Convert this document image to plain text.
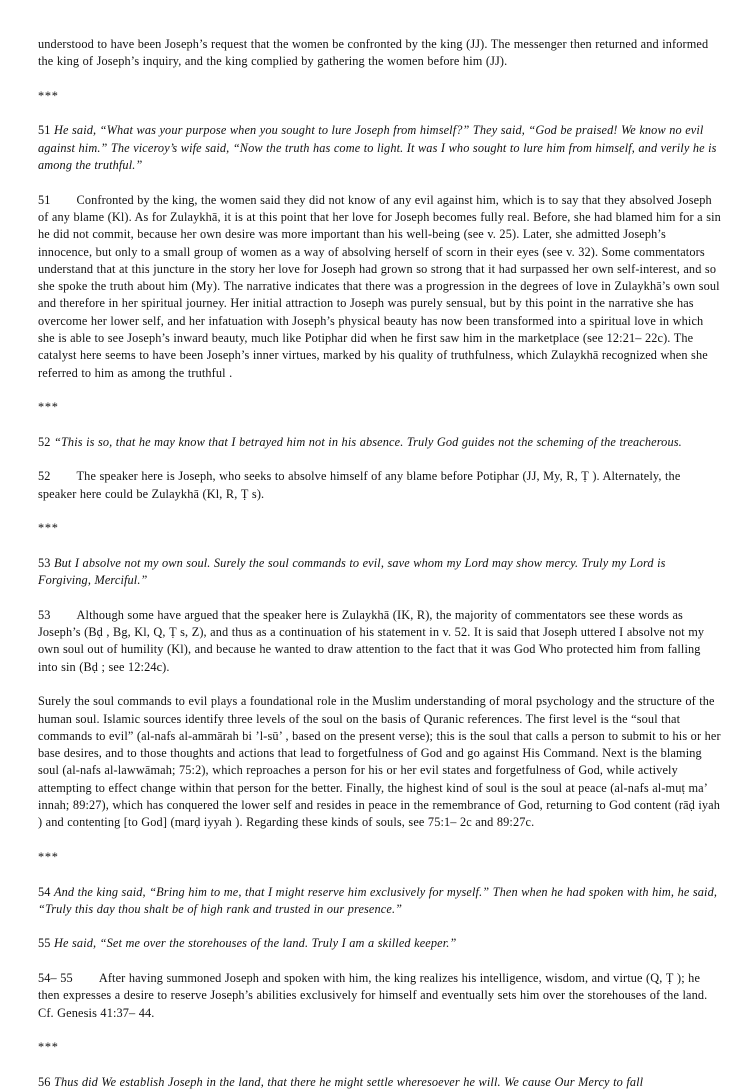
understood to have been Joseph’s request that the women be confronted by the king (JJ). The messenger then returned and informed the king of Joseph’s inquiry, and the king complied by gathering the women before him (JJ).

***

51 He said, “What was your purpose when you sought to lure Joseph from himself?” They said, “God be praised! We know no evil against him.” The viceroy’s wife said, “Now the truth has come to light. It was I who sought to lure him from himself, and verily he is among the truthful.”

51 Confronted by the king, the women said they did not know of any evil against him, which is to say that they absolved Joseph of any blame (Kl). As for Zulaykhā, it is at this point that her love for Joseph becomes fully real. Before, she had blamed him for a sin he did not commit, because her own desire was more important than his well-being (see v. 25). Later, she admitted Joseph’s innocence, but only to a small group of women as a way of absolving herself of scorn in their eyes (see v. 32). Some commentators understand that at this juncture in the story her love for Joseph had grown so strong that it had surpassed her own self-interest, and so she spoke the truth about him (My). The narrative indicates that there was a progression in the degrees of love in Zulaykhā’s own soul and therefore in her spiritual journey. Her initial attraction to Joseph was purely sensual, but by this point in the narrative she has overcome her lower self, and her infatuation with Joseph’s physical beauty has now been transformed into a spiritual love in which she is able to see Joseph’s inward beauty, much like Potiphar did when he first saw him in the marketplace (see 12:21– 22c). The catalyst here seems to have been Joseph’s inner virtues, marked by his quality of truthfulness, which Zulaykhā recognized when she referred to him as among the truthful .

***

52 “This is so, that he may know that I betrayed him not in his absence. Truly God guides not the scheming of the treacherous.

52 The speaker here is Joseph, who seeks to absolve himself of any blame before Potiphar (JJ, My, R, Ṭ ). Alternately, the speaker here could be Zulaykhā (Kl, R, Ṭ s).

***

53 But I absolve not my own soul. Surely the soul commands to evil, save whom my Lord may show mercy. Truly my Lord is Forgiving, Merciful.”

53 Although some have argued that the speaker here is Zulaykhā (IK, R), the majority of commentators see these words as Joseph’s (Bḍ , Bg, Kl, Q, Ṭ s, Z), and thus as a continuation of his statement in v. 52. It is said that Joseph uttered I absolve not my own soul out of humility (Kl), and because he wanted to draw attention to the fact that it was God Who protected him from falling into sin (Bḍ ; see 12:24c).

Surely the soul commands to evil plays a foundational role in the Muslim understanding of moral psychology and the structure of the human soul. Islamic sources identify three levels of the soul on the basis of Quranic references. The first level is the “soul that commands to evil” (al-nafs al-ammārah bi ’l-sū’ , based on the present verse); this is the soul that calls a person to submit to his or her base desires, and to those thoughts and actions that lead to forgetfulness of God and go against His Command. Next is the blaming soul (al-nafs al-lawwāmah; 75:2), which reproaches a person for his or her evil states and forgetfulness of God, while actively attempting to effect change within that person for the better. Finally, the highest kind of soul is the soul at peace (al-nafs al-muṭ ma’ innah; 89:27), which has conquered the lower self and resides in peace in the remembrance of God, returning to God content (rāḍ iyah ) and contenting [to God] (marḍ iyyah ). Regarding these kinds of souls, see 75:1– 2c and 89:27c.

***

54 And the king said, “Bring him to me, that I might reserve him exclusively for myself.” Then when he had spoken with him, he said, “Truly this day thou shalt be of high rank and trusted in our presence.”

55 He said, “Set me over the storehouses of the land. Truly I am a skilled keeper.”

54– 55 After having summoned Joseph and spoken with him, the king realizes his intelligence, wisdom, and virtue (Q, Ṭ ); he then expresses a desire to reserve Joseph’s abilities exclusively for himself and eventually sets him over the storehouses of the land. Cf. Genesis 41:37– 44.

***

56 Thus did We establish Joseph in the land, that there he might settle wheresoever he will. We cause Our Mercy to fall
